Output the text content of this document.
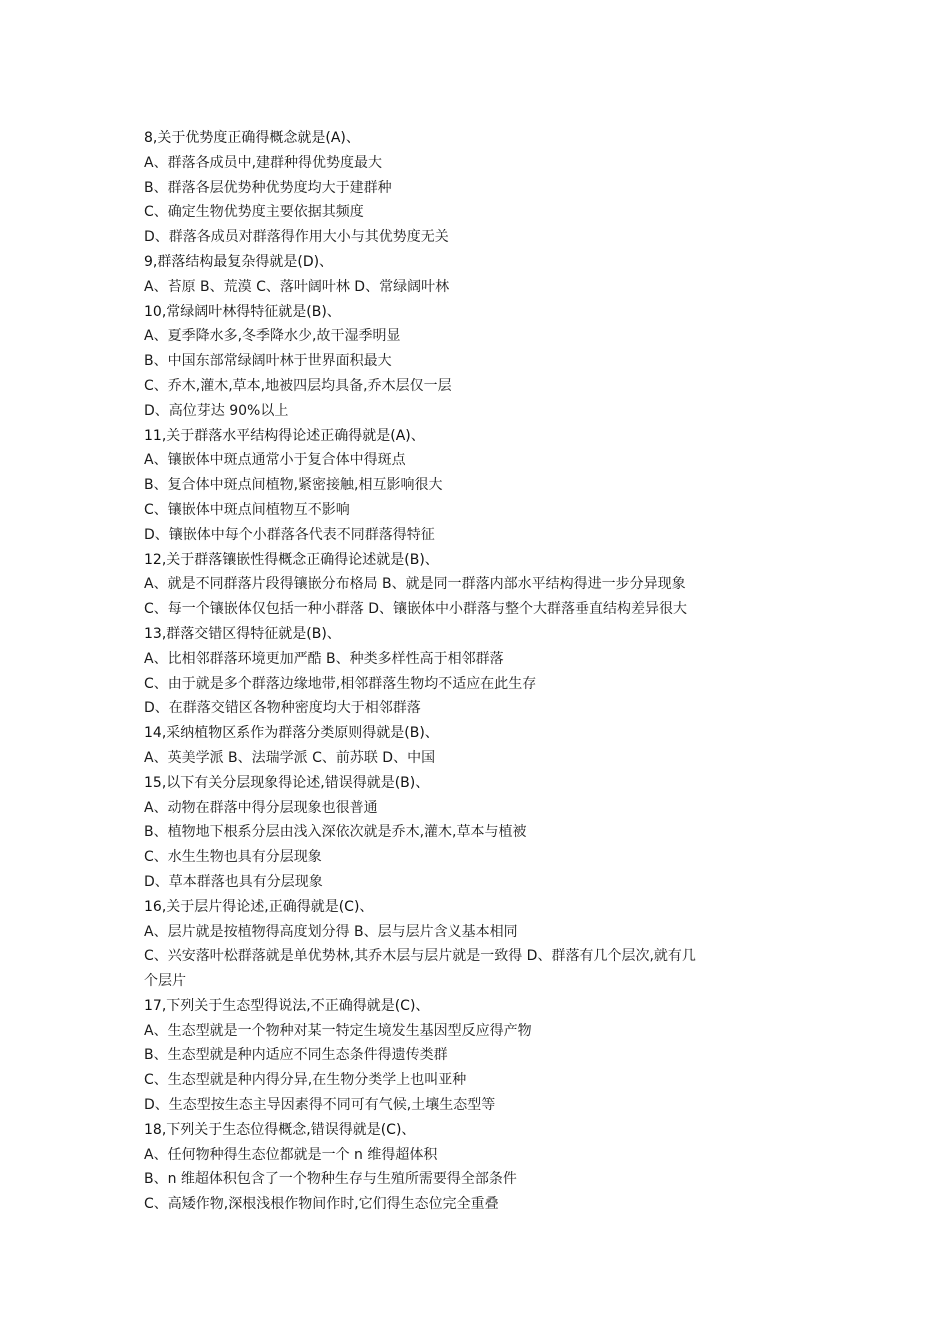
8,关于优势度正确得概念就是(A)、
A、群落各成员中,建群种得优势度最大
B、群落各层优势种优势度均大于建群种
C、确定生物优势度主要依据其频度
D、群落各成员对群落得作用大小与其优势度无关
9,群落结构最复杂得就是(D)、
A、苔原 B、荒漠 C、落叶阔叶林 D、常绿阔叶林
10,常绿阔叶林得特征就是(B)、
A、夏季降水多,冬季降水少,故干湿季明显
B、中国东部常绿阔叶林于世界面积最大
C、乔木,灌木,草本,地被四层均具备,乔木层仅一层
D、高位芽达 90%以上
11,关于群落水平结构得论述正确得就是(A)、
A、镶嵌体中斑点通常小于复合体中得斑点
B、复合体中斑点间植物,紧密接触,相互影响很大
C、镶嵌体中斑点间植物互不影响
D、镶嵌体中每个小群落各代表不同群落得特征
12,关于群落镶嵌性得概念正确得论述就是(B)、
A、就是不同群落片段得镶嵌分布格局 B、就是同一群落内部水平结构得进一步分异现象
C、每一个镶嵌体仅包括一种小群落 D、镶嵌体中小群落与整个大群落垂直结构差异很大
13,群落交错区得特征就是(B)、
A、比相邻群落环境更加严酷 B、种类多样性高于相邻群落
C、由于就是多个群落边缘地带,相邻群落生物均不适应在此生存
D、在群落交错区各物种密度均大于相邻群落
14,采纳植物区系作为群落分类原则得就是(B)、
A、英美学派 B、法瑞学派 C、前苏联 D、中国
15,以下有关分层现象得论述,错误得就是(B)、
A、动物在群落中得分层现象也很普通
B、植物地下根系分层由浅入深依次就是乔木,灌木,草本与植被
C、水生生物也具有分层现象
D、草本群落也具有分层现象
16,关于层片得论述,正确得就是(C)、
A、层片就是按植物得高度划分得 B、层与层片含义基本相同
C、兴安落叶松群落就是单优势林,其乔木层与层片就是一致得 D、群落有几个层次,就有几
个层片
17,下列关于生态型得说法,不正确得就是(C)、
A、生态型就是一个物种对某一特定生境发生基因型反应得产物
B、生态型就是种内适应不同生态条件得遗传类群
C、生态型就是种内得分异,在生物分类学上也叫亚种
D、生态型按生态主导因素得不同可有气候,土壤生态型等
18,下列关于生态位得概念,错误得就是(C)、
A、任何物种得生态位都就是一个 n 维得超体积
B、n 维超体积包含了一个物种生存与生殖所需要得全部条件
C、高矮作物,深根浅根作物间作时,它们得生态位完全重叠
